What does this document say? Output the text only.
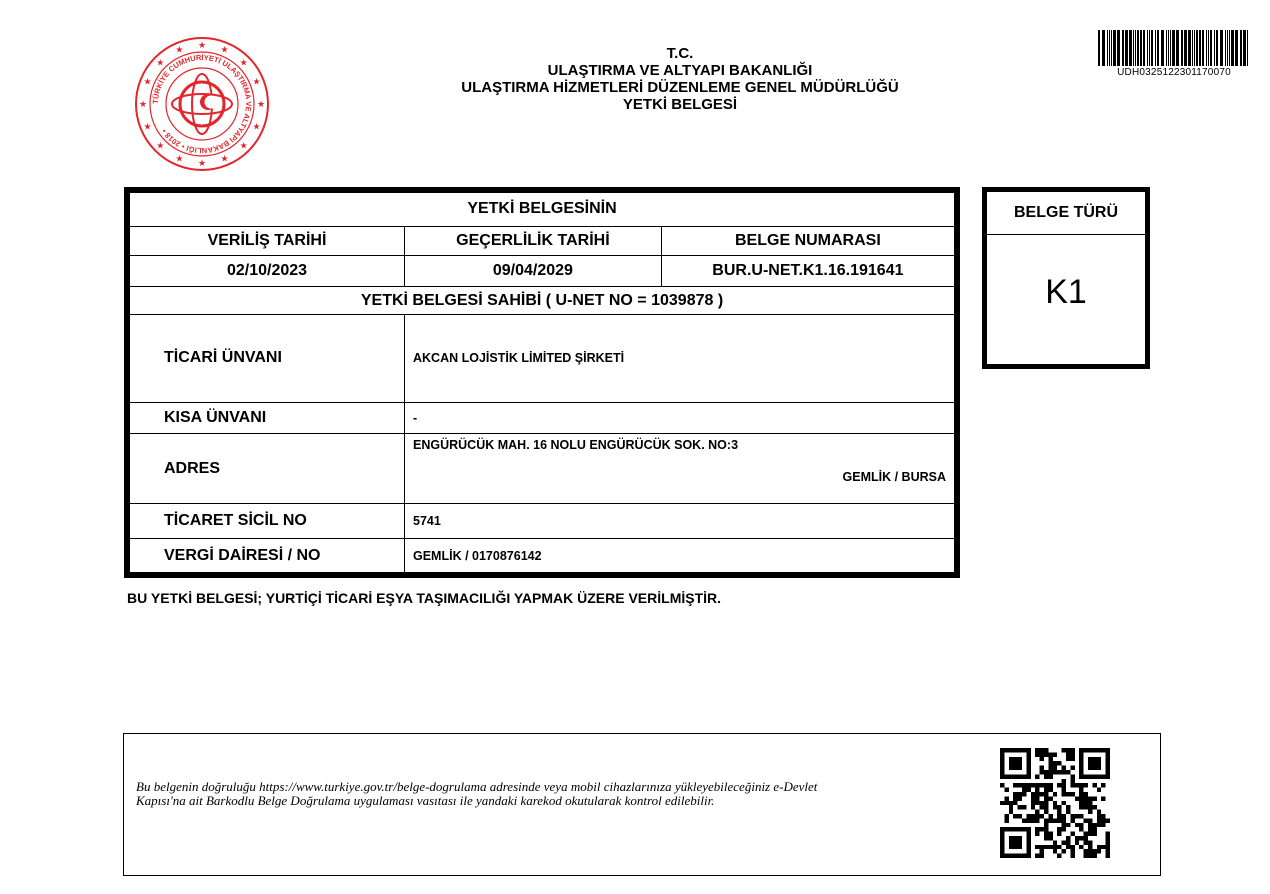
★
★
★
★
★
★
★
★
★
★
★
★ ★ ★
★
★
TÜRKİYE CUMHURİYETİ ULAŞTIRMA VE ALTYAPI BAKANLIĞI • 2018 •
T.C.
ULAŞTIRMA VE ALTYAPI BAKANLIĞI
ULAŞTIRMA HİZMETLERİ DÜZENLEME GENEL MÜDÜRLÜĞÜ
YETKİ BELGESİ
UDH0325122301170070
YETKİ BELGESİNİN		
VERİLİŞ TARİHİ	GEÇERLİLİK TARİHİ	BELGE NUMARASI
02/10/2023	09/04/2029	BUR.U-NET.K1.16.191641
YETKİ BELGESİ SAHİBİ ( U-NET NO = 1039878 )		
TİCARİ ÜNVANI	AKCAN LOJİSTİK LİMİTED ŞİRKETİ	
KISA ÜNVANI	-	
ADRES	ENGÜRÜCÜK MAH. 16 NOLU ENGÜRÜCÜK SOK. NO:3
GEMLİK / BURSA	

TİCARET SİCİL NO	5741	
VERGİ DAİRESİ / NO	GEMLİK / 0170876142	
BELGE TÜRÜ
K1
BU YETKİ BELGESİ; YURTİÇİ TİCARİ EŞYA TAŞIMACILIĞI YAPMAK ÜZERE VERİLMİŞTİR.
Bu belgenin doğruluğu https://www.turkiye.gov.tr/belge-dogrulama adresinde veya mobil cihazlarınıza yükleyebileceğiniz e-Devlet
Kapısı'na ait Barkodlu Belge Doğrulama uygulaması vasıtası ile yandaki karekod okutularak kontrol edilebilir.
